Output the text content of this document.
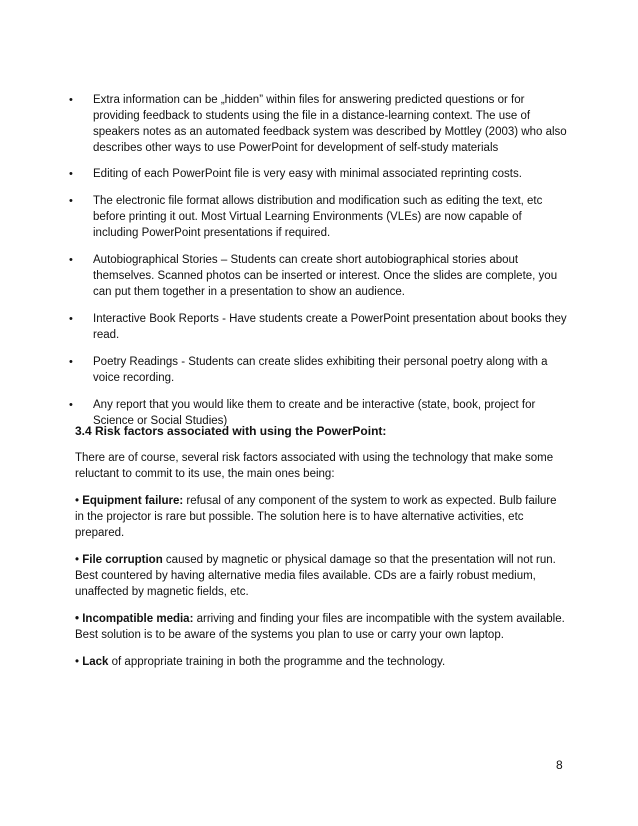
• Extra information can be „hidden” within files for answering predicted questions or for providing feedback to students using the file in a distance-learning context. The use of speakers notes as an automated feedback system was described by Mottley (2003) who also describes other ways to use PowerPoint for development of self-study materials
• Editing of each PowerPoint file is very easy with minimal associated reprinting costs.
• The electronic file format allows distribution and modification such as editing the text, etc before printing it out. Most Virtual Learning Environments (VLEs) are now capable of including PowerPoint presentations if required.
• Autobiographical Stories – Students can create short autobiographical stories about themselves. Scanned photos can be inserted or interest. Once the slides are complete, you can put them together in a presentation to show an audience.
• Interactive Book Reports - Have students create a PowerPoint presentation about books they read.
• Poetry Readings - Students can create slides exhibiting their personal poetry along with a voice recording.
• Any report that you would like them to create and be interactive (state, book, project for Science or Social Studies)

3.4 Risk factors associated with using the PowerPoint:

There are of course, several risk factors associated with using the technology that make some reluctant to commit to its use, the main ones being:

• Equipment failure: refusal of any component of the system to work as expected. Bulb failure in the projector is rare but possible. The solution here is to have alternative activities, etc prepared.

• File corruption caused by magnetic or physical damage so that the presentation will not run. Best countered by having alternative media files available. CDs are a fairly robust medium, unaffected by magnetic fields, etc.

• Incompatible media: arriving and finding your files are incompatible with the system available. Best solution is to be aware of the systems you plan to use or carry your own laptop.

• Lack of appropriate training in both the programme and the technology.

8
